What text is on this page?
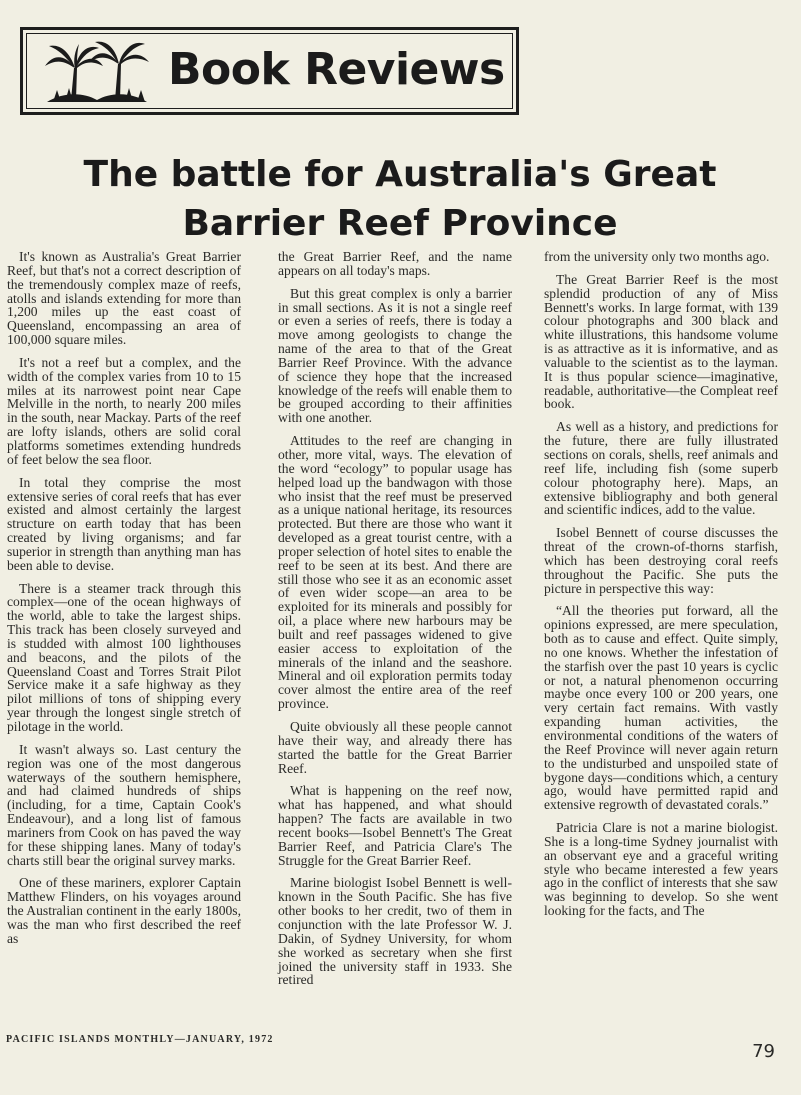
Book Reviews
The battle for Australia's Great Barrier Reef Province

It's known as Australia's Great Barrier Reef, but that's not a correct description of the tremendously complex maze of reefs, atolls and islands extending for more than 1,200 miles up the east coast of Queensland, encompassing an area of 100,000 square miles.

It's not a reef but a complex, and the width of the complex varies from 10 to 15 miles at its narrowest point near Cape Melville in the north, to nearly 200 miles in the south, near Mackay. Parts of the reef are lofty islands, others are solid coral platforms sometimes extending hundreds of feet below the sea floor.

In total they comprise the most extensive series of coral reefs that has ever existed and almost certainly the largest structure on earth today that has been created by living organisms; and far superior in strength than anything man has been able to devise.

There is a steamer track through this complex—one of the ocean highways of the world, able to take the largest ships. This track has been closely surveyed and is studded with almost 100 lighthouses and beacons, and the pilots of the Queensland Coast and Torres Strait Pilot Service make it a safe highway as they pilot millions of tons of shipping every year through the longest single stretch of pilotage in the world.

It wasn't always so. Last century the region was one of the most dangerous waterways of the southern hemisphere, and had claimed hundreds of ships (including, for a time, Captain Cook's Endeavour), and a long list of famous mariners from Cook on has paved the way for these shipping lanes. Many of today's charts still bear the original survey marks.

One of these mariners, explorer Captain Matthew Flinders, on his voyages around the Australian continent in the early 1800s, was the man who first described the reef as

the Great Barrier Reef, and the name appears on all today's maps.

But this great complex is only a barrier in small sections. As it is not a single reef or even a series of reefs, there is today a move among geologists to change the name of the area to that of the Great Barrier Reef Province. With the advance of science they hope that the increased knowledge of the reefs will enable them to be grouped according to their affinities with one another.

Attitudes to the reef are changing in other, more vital, ways. The elevation of the word “ecology” to popular usage has helped load up the bandwagon with those who insist that the reef must be preserved as a unique national heritage, its resources protected. But there are those who want it developed as a great tourist centre, with a proper selection of hotel sites to enable the reef to be seen at its best. And there are still those who see it as an economic asset of even wider scope—an area to be exploited for its minerals and possibly for oil, a place where new harbours may be built and reef passages widened to give easier access to exploitation of the minerals of the inland and the seashore. Mineral and oil exploration permits today cover almost the entire area of the reef province.

Quite obviously all these people cannot have their way, and already there has started the battle for the Great Barrier Reef.

What is happening on the reef now, what has happened, and what should happen? The facts are available in two recent books—Isobel Bennett's The Great Barrier Reef, and Patricia Clare's The Struggle for the Great Barrier Reef.

Marine biologist Isobel Bennett is well-known in the South Pacific. She has five other books to her credit, two of them in conjunction with the late Professor W. J. Dakin, of Sydney University, for whom she worked as secretary when she first joined the university staff in 1933. She retired

from the university only two months ago.

The Great Barrier Reef is the most splendid production of any of Miss Bennett's works. In large format, with 139 colour photographs and 300 black and white illustrations, this handsome volume is as attractive as it is informative, and as valuable to the scientist as to the layman. It is thus popular science—imaginative, readable, authoritative—the Compleat reef book.

As well as a history, and predictions for the future, there are fully illustrated sections on corals, shells, reef animals and reef life, including fish (some superb colour photography here). Maps, an extensive bibliography and both general and scientific indices, add to the value.

Isobel Bennett of course discusses the threat of the crown-of-thorns starfish, which has been destroying coral reefs throughout the Pacific. She puts the picture in perspective this way:

“All the theories put forward, all the opinions expressed, are mere speculation, both as to cause and effect. Quite simply, no one knows. Whether the infestation of the starfish over the past 10 years is cyclic or not, a natural phenomenon occurring maybe once every 100 or 200 years, one very certain fact remains. With vastly expanding human activities, the environmental conditions of the waters of the Reef Province will never again return to the undisturbed and unspoiled state of bygone days—conditions which, a century ago, would have permitted rapid and extensive regrowth of devastated corals.”

Patricia Clare is not a marine biologist. She is a long-time Sydney journalist with an observant eye and a graceful writing style who became interested a few years ago in the conflict of interests that she saw was beginning to develop. So she went looking for the facts, and The

PACIFIC ISLANDS MONTHLY—JANUARY, 1972
79
